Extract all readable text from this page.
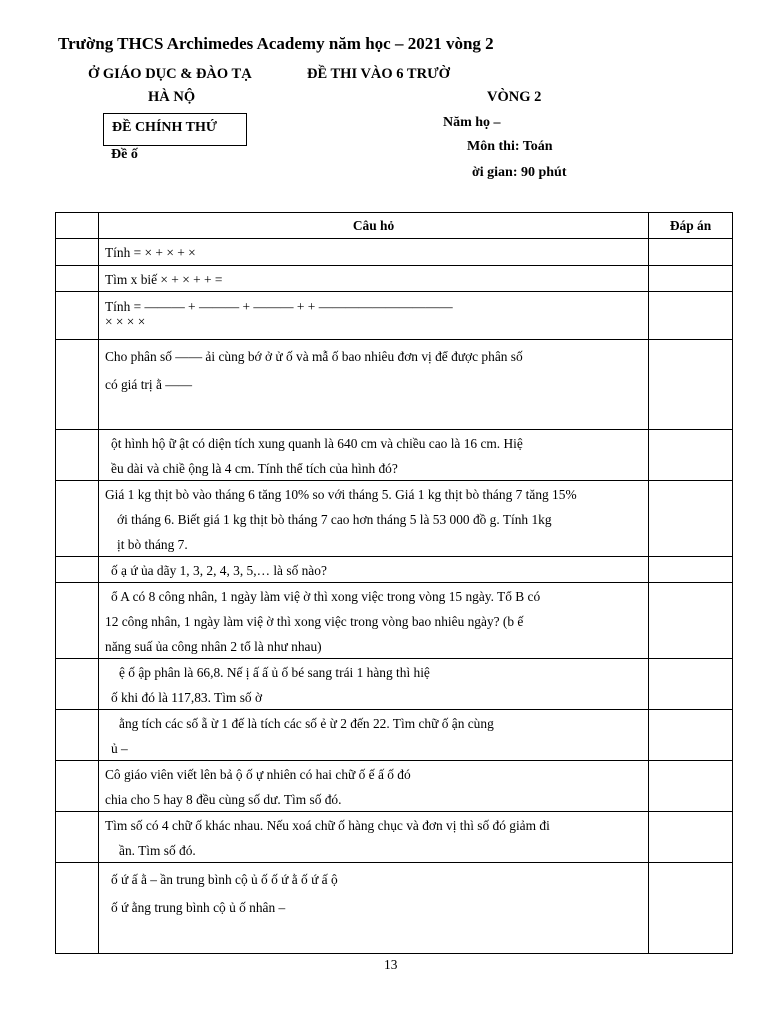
Trường THCS Archimedes Academy năm học – 2021 vòng 2
Ở GIÁO DỤC & ĐÀO TẠ
HÀ NỘ
ĐỀ THI VÀO 6 TRƯỜ
VÒNG 2
ĐỀ CHÍNH THỨ
Đề ố
Năm họ –
Môn thi: Toán
ời gian: 90 phút
	Câu hỏ	Đáp án

	Tính = × + × + ×	

	Tìm x biế × + × + + =	

	Tính = ——— + ——— + ——— + + ——————————
× × × ×	

	Cho phân số —— ải cùng bớ ở ử ố và mẫ ố bao nhiêu đơn vị để được phân số
có giá trị ằ ——	

	ột hình hộ ữ ật có diện tích xung quanh là 640 cm và chiều cao là 16 cm. Hiệ
ều dài và chiề ộng là 4 cm. Tính thể tích của hình đó?	

	Giá 1 kg thịt bò vào tháng 6 tăng 10% so với tháng 5. Giá 1 kg thịt bò tháng 7 tăng 15%
ới tháng 6. Biết giá 1 kg thịt bò tháng 7 cao hơn tháng 5 là 53 000 đồ g. Tính 1kg
ịt bò tháng 7.	

	ố ạ ứ ủa dãy 1, 3, 2, 4, 3, 5,… là số nào?	

	ổ A có 8 công nhân, 1 ngày làm việ ờ thì xong việc trong vòng 15 ngày. Tổ B có
12 công nhân, 1 ngày làm việ ờ thì xong việc trong vòng bao nhiêu ngày? (b ế
năng suấ ủa công nhân 2 tổ là như nhau)	

	ệ ố ập phân là 66,8. Nế ị ấ ấ ủ ố bé sang trái 1 hàng thì hiệ
ố khi đó là 117,83. Tìm số ờ	

	ằng tích các số ẵ ừ 1 đế là tích các số ẻ ừ 2 đến 22. Tìm chữ ố ận cùng
ủ –	

	Cô giáo viên viết lên bả ộ ố ự nhiên có hai chữ ố ế ấ ố đó
chia cho 5 hay 8 đều cùng số dư. Tìm số đó.	

	Tìm số có 4 chữ ố khác nhau. Nếu xoá chữ ố hàng chục và đơn vị thì số đó giảm đi
ần. Tìm số đó.	

	ố ứ ấ ằ – ần trung bình cộ ủ ố ố ứ ằ ố ứ ấ ộ
ố ứ ằng trung bình cộ ủ ố nhân –	

13
